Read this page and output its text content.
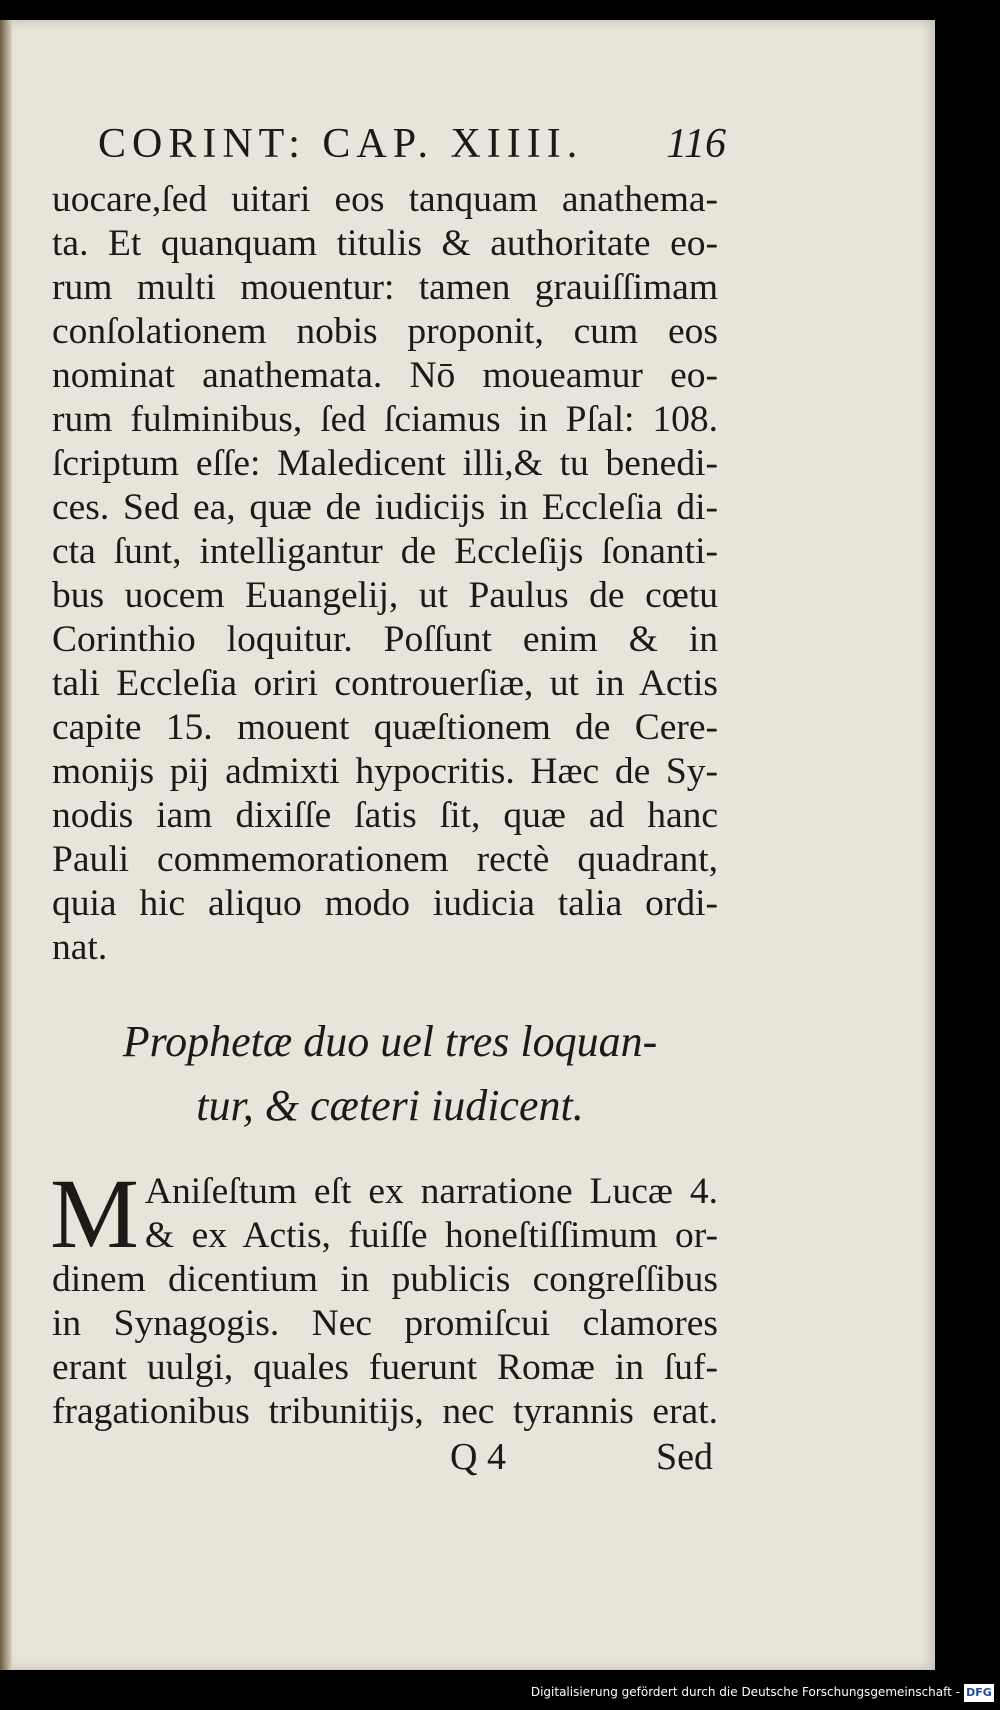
CORINT: CAP. XIIII. 116
uocare,ſed uitari eos tanquam anathema-
ta. Et quanquam titulis & authoritate eo-
rum multi mouentur: tamen grauiſſimam
conſolationem nobis proponit, cum eos
nominat anathemata. Nō moueamur eo-
rum fulminibus, ſed ſciamus in Pſal: 108.
ſcriptum eſſe: Maledicent illi,& tu benedi-
ces. Sed ea, quæ de iudicijs in Eccleſia di-
cta ſunt, intelligantur de Eccleſijs ſonanti-
bus uocem Euangelij, ut Paulus de cœtu
Corinthio loquitur. Poſſunt enim & in
tali Eccleſia oriri controuerſiæ, ut in Actis
capite 15. mouent quæſtionem de Cere-
monijs pij admixti hypocritis. Hæc de Sy-
nodis iam dixiſſe ſatis ſit, quæ ad hanc
Pauli commemorationem rectè quadrant,
quia hic aliquo modo iudicia talia ordi-
nat.
Prophetæ duo uel tres loquan-
tur, & cæteri iudicent.
M Aniſeſtum eſt ex narratione Lucæ 4.
& ex Actis, fuiſſe honeſtiſſimum or-
dinem dicentium in publicis congreſſibus
in Synagogis. Nec promiſcui clamores
erant uulgi, quales fuerunt Romæ in ſuf-
fragationibus tribunitijs, nec tyrannis erat.
Q 4	Sed
Digitalisierung gefördert durch die Deutsche Forschungsgemeinschaft - DFG
